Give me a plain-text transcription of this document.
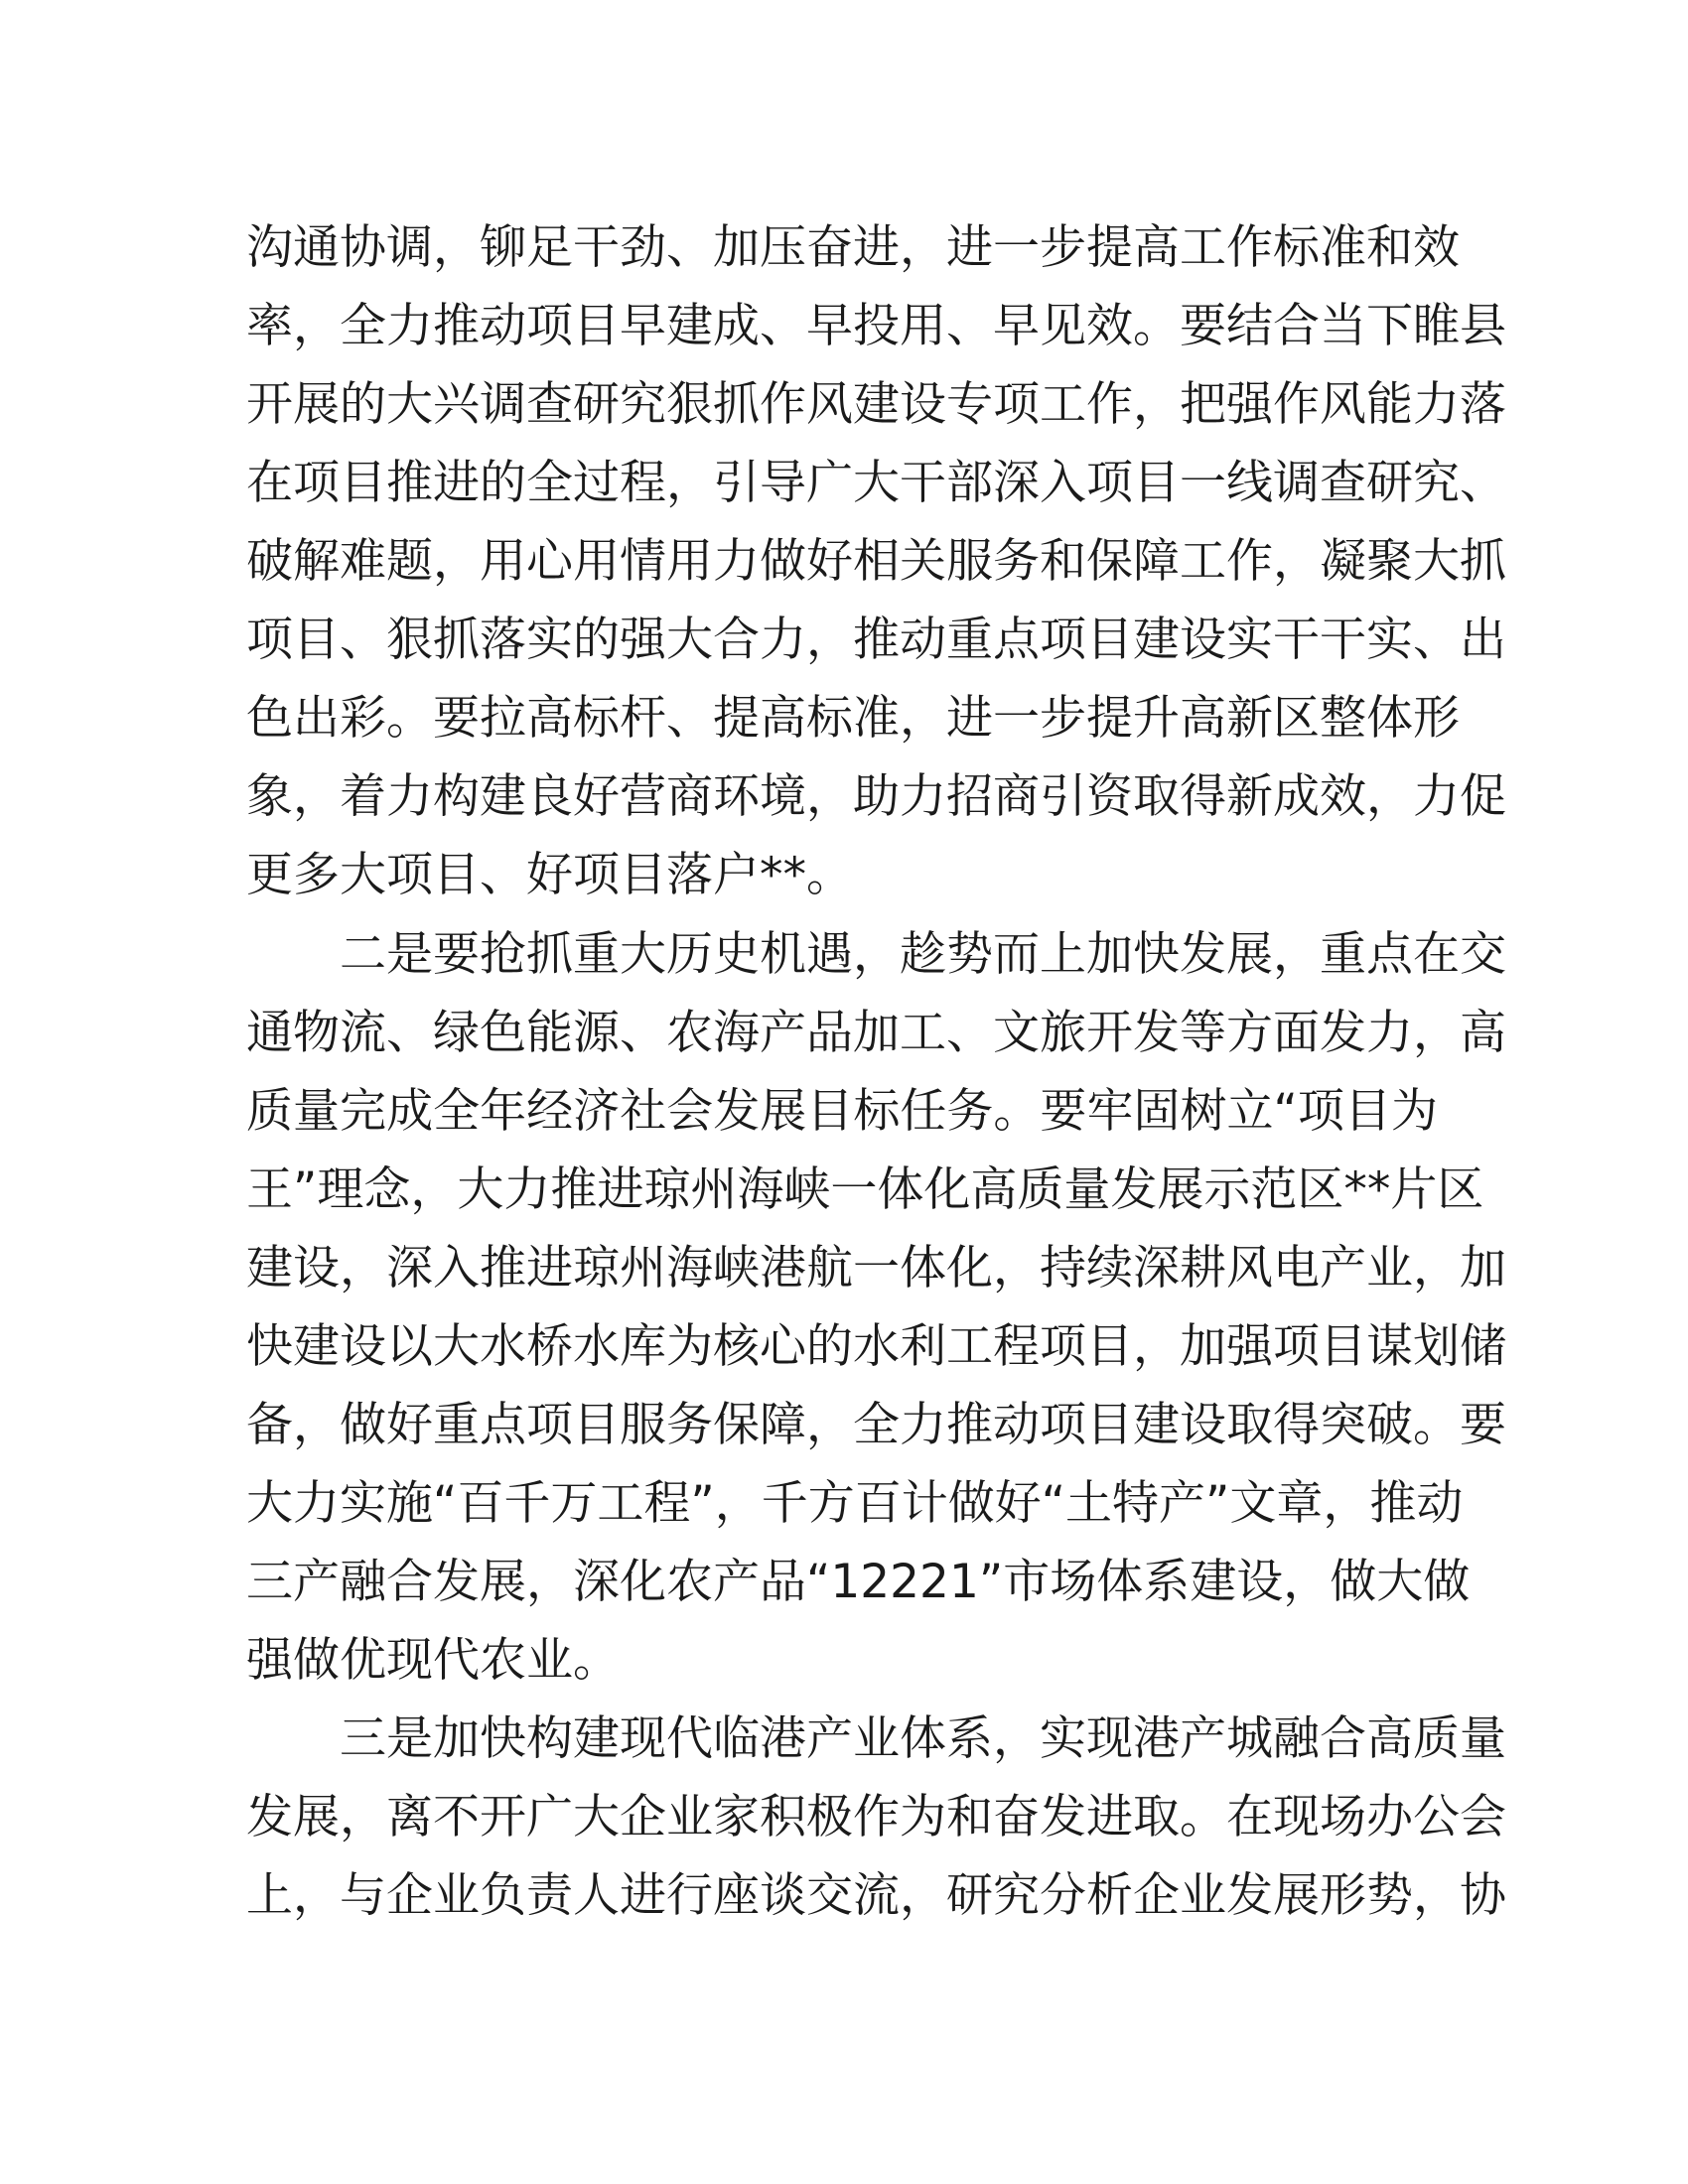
沟通协调，铆足干劲、加压奋进，进一步提高工作标准和效
率，全力推动项目早建成、早投用、早见效。要结合当下睢县
开展的大兴调查研究狠抓作风建设专项工作，把强作风能力落
在项目推进的全过程，引导广大干部深入项目一线调查研究、
破解难题，用心用情用力做好相关服务和保障工作，凝聚大抓
项目、狠抓落实的强大合力，推动重点项目建设实干干实、出
色出彩。要拉高标杆、提高标准，进一步提升高新区整体形
象，着力构建良好营商环境，助力招商引资取得新成效，力促
更多大项目、好项目落户**。
二是要抢抓重大历史机遇，趁势而上加快发展，重点在交
通物流、绿色能源、农海产品加工、文旅开发等方面发力，高
质量完成全年经济社会发展目标任务。要牢固树立“项目为
王”理念，大力推进琼州海峡一体化高质量发展示范区**片区
建设，深入推进琼州海峡港航一体化，持续深耕风电产业，加
快建设以大水桥水库为核心的水利工程项目，加强项目谋划储
备，做好重点项目服务保障，全力推动项目建设取得突破。要
大力实施“百千万工程”，千方百计做好“土特产”文章，推动
三产融合发展，深化农产品“12221”市场体系建设，做大做
强做优现代农业。
三是加快构建现代临港产业体系，实现港产城融合高质量
发展，离不开广大企业家积极作为和奋发进取。在现场办公会
上，与企业负责人进行座谈交流，研究分析企业发展形势，协
